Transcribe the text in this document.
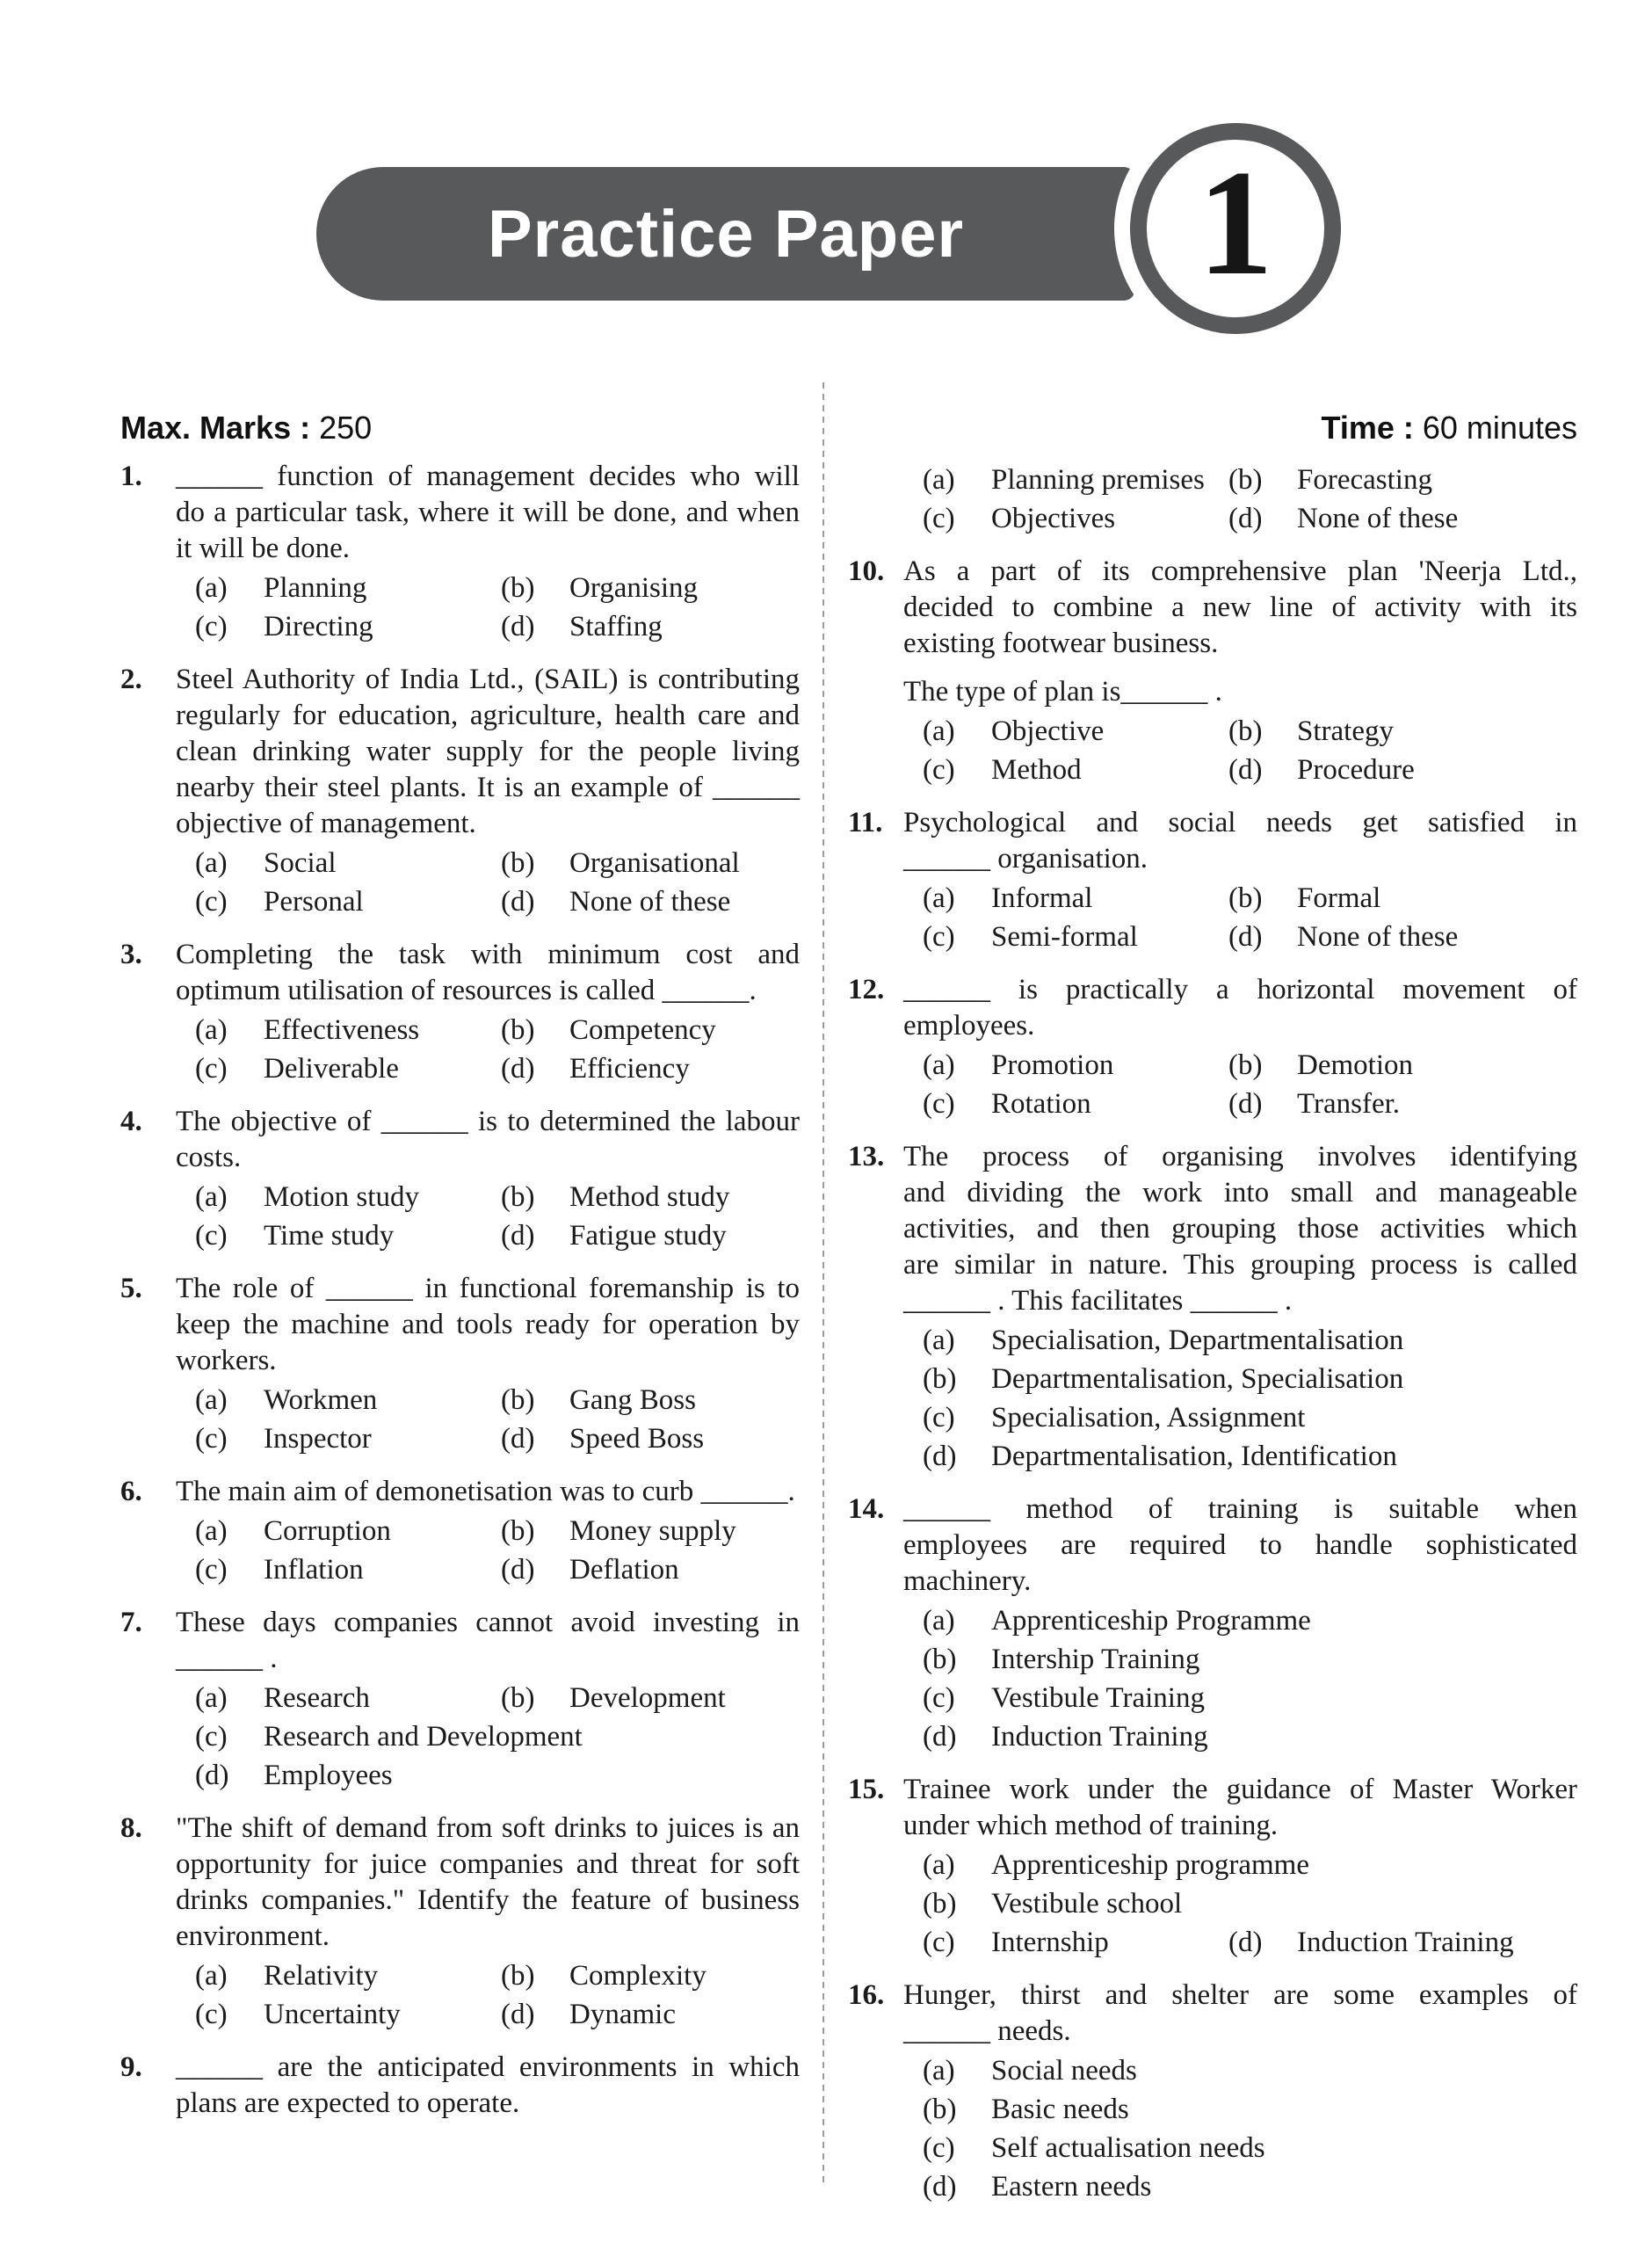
Practice Paper 1
Max. Marks : 250	Time : 60 minutes
1.	______ function of management decides who will
do a particular task, where it will be done, and when
it will be done.
(a)	Planning	(b)	Organising
(c)	Directing	(d)	Staffing
2.	Steel Authority of India Ltd., (SAIL) is contributing
regularly for education, agriculture, health care and
clean drinking water supply for the people living
nearby their steel plants. It is an example of ______
objective of management.
(a)	Social	(b)	Organisational
(c)	Personal	(d)	None of these
3.	Completing the task with minimum cost and
optimum utilisation of resources is called ______.
(a)	Effectiveness	(b)	Competency
(c)	Deliverable	(d)	Efficiency
4.	The objective of ______ is to determined the labour
costs.
(a)	Motion study	(b)	Method study
(c)	Time study	(d)	Fatigue study
5.	The role of ______ in functional foremanship is to
keep the machine and tools ready for operation by
workers.
(a)	Workmen	(b)	Gang Boss
(c)	Inspector	(d)	Speed Boss
6.	The main aim of demonetisation was to curb ______.
(a)	Corruption	(b)	Money supply
(c)	Inflation	(d)	Deflation
7.	These days companies cannot avoid investing in
______ .
(a)	Research	(b)	Development
(c)	Research and Development
(d)	Employees
8.	"The shift of demand from soft drinks to juices is an
opportunity for juice companies and threat for soft
drinks companies." Identify the feature of business
environment.
(a)	Relativity	(b)	Complexity
(c)	Uncertainty	(d)	Dynamic
9.	______ are the anticipated environments in which
plans are expected to operate.
(a)	Planning premises (b)	Forecasting
(c)	Objectives	(d)	None of these
10. As a part of its comprehensive plan 'Neerja Ltd.,
decided to combine a new line of activity with its
existing footwear business.
The type of plan is______ .
(a)	Objective	(b)	Strategy
(c)	Method	(d)	Procedure
11. Psychological and social needs get satisfied in
______ organisation.
(a)	Informal	(b)	Formal
(c)	Semi-formal	(d)	None of these
12. ______ is practically a horizontal movement of
employees.
(a)	Promotion	(b)	Demotion
(c)	Rotation	(d)	Transfer.
13. The process of organising involves identifying
and dividing the work into small and manageable
activities, and then grouping those activities which
are similar in nature. This grouping process is called
______ . This facilitates ______ .
(a)	Specialisation, Departmentalisation
(b)	Departmentalisation, Specialisation
(c)	Specialisation, Assignment
(d)	Departmentalisation, Identification
14. ______ method of training is suitable when
employees are required to handle sophisticated
machinery.
(a)	Apprenticeship Programme
(b)	Intership Training
(c)	Vestibule Training
(d)	Induction Training
15. Trainee work under the guidance of Master Worker
under which method of training.
(a)	Apprenticeship programme
(b)	Vestibule school
(c)	Internship	(d)	Induction Training
16. Hunger, thirst and shelter are some examples of
______ needs.
(a)	Social needs
(b)	Basic needs
(c)	Self actualisation needs
(d)	Eastern needs
